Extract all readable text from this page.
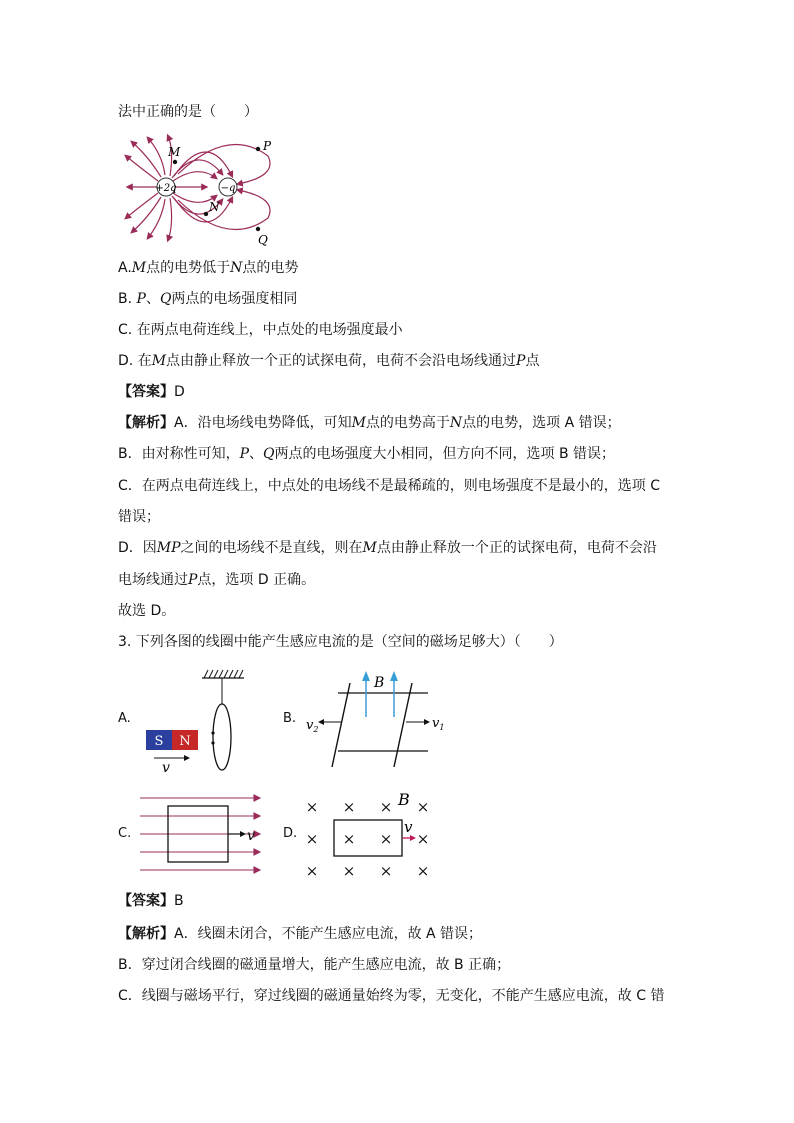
法中正确的是（　　）
+2q	−q
M
N
P
Q
A.M点的电势低于N点的电势
B. P、Q两点的电场强度相同
C. 在两点电荷连线上，中点处的电场强度最小
D. 在M点由静止释放一个正的试探电荷，电荷不会沿电场线通过P点
【答案】D
【解析】A．沿电场线电势降低，可知M点的电势高于N点的电势，选项 A 错误；
B．由对称性可知，P、Q两点的电场强度大小相同，但方向不同，选项 B 错误；
C．在两点电荷连线上，中点处的电场线不是最稀疏的，则电场强度不是最小的，选项 C
错误；
D．因MP之间的电场线不是直线，则在M点由静止释放一个正的试探电荷，电荷不会沿
电场线通过P点，选项 D 正确。
故选 D。
3. 下列各图的线圈中能产生感应电流的是（空间的磁场足够大）（　　）
A.
S N
v
B.
B
$v_2$	$v_1$
C.	v D.
× × × ×
× × × ×
× × × ×
B
v
【答案】B
【解析】A．线圈未闭合，不能产生感应电流，故 A 错误；
B．穿过闭合线圈的磁通量增大，能产生感应电流，故 B 正确；
C．线圈与磁场平行，穿过线圈的磁通量始终为零，无变化，不能产生感应电流，故 C 错
